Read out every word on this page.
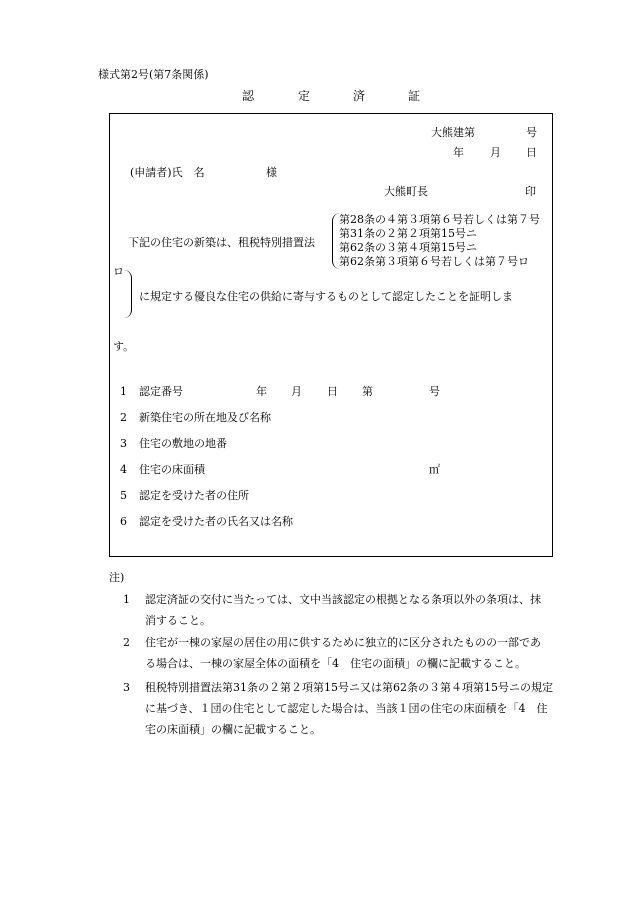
様式第2号(第7条関係)
認	定	済	証
大熊建第	号
年 月 日
(申請者)氏　名	様
大熊町長	印
下記の住宅の新築は、租税特別措置法
第28条の４第３項第６号若しくは第７号
第31条の２第２項第15号ニ
第62条の３第４項第15号ニ
第62条第３項第６号若しくは第７号ロ
ロ
に規定する優良な住宅の供給に寄与するものとして認定したことを証明しま
す。
1 認定番号	年 月 日 第	号
2 新築住宅の所在地及び名称
3 住宅の敷地の地番
4 住宅の床面積	㎡
5 認定を受けた者の住所
6 認定を受けた者の氏名又は名称
注)
1 認定済証の交付に当たっては、文中当該認定の根拠となる条項以外の条項は、抹
消すること。
2 住宅が一棟の家屋の居住の用に供するために独立的に区分されたものの一部であ
る場合は、一棟の家屋全体の面積を「4　住宅の面積」の欄に記載すること。
3 租税特別措置法第31条の２第２項第15号ニ又は第62条の３第４項第15号ニの規定
に基づき、１団の住宅として認定した場合は、当該１団の住宅の床面積を「4　住
宅の床面積」の欄に記載すること。
